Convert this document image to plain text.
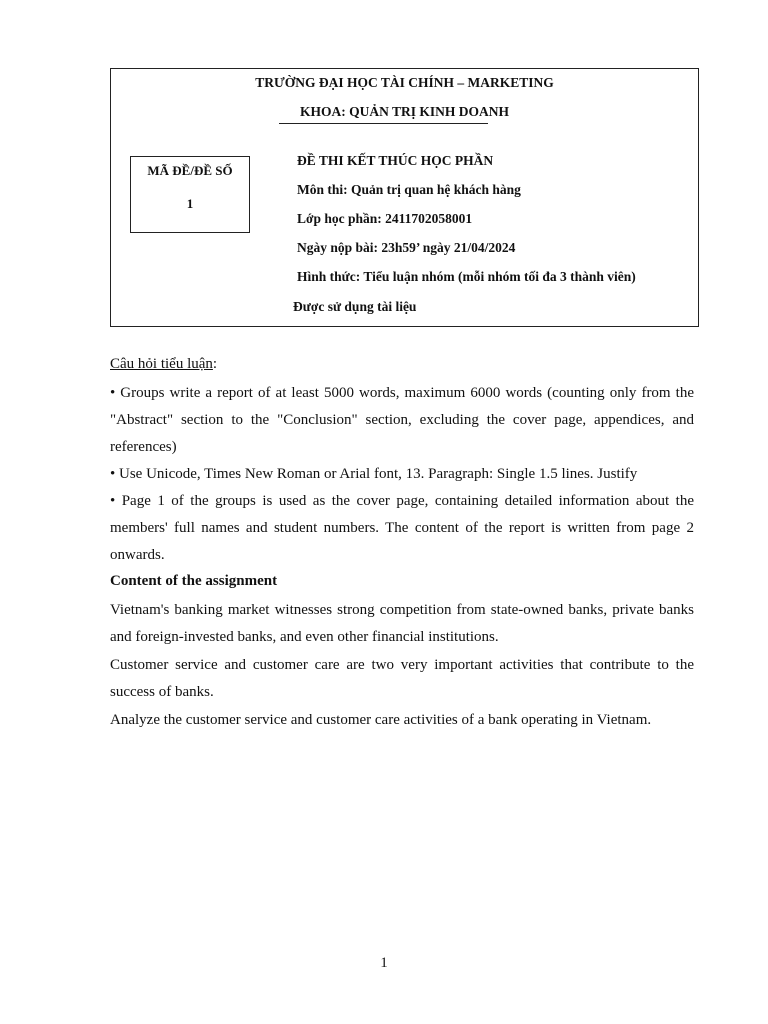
TRƯỜNG ĐẠI HỌC TÀI CHÍNH – MARKETING
KHOA: QUẢN TRỊ KINH DOANH
MÃ ĐỀ/ĐỀ SỐ
1
ĐỀ THI KẾT THÚC HỌC PHẦN
Môn thi: Quản trị quan hệ khách hàng
Lớp học phần: 2411702058001
Ngày nộp bài: 23h59’ ngày 21/04/2024
Hình thức: Tiểu luận nhóm (mỗi nhóm tối đa 3 thành viên)
Được sử dụng tài liệu
Câu hỏi tiểu luận:

• Groups write a report of at least 5000 words, maximum 6000 words (counting only from the "Abstract" section to the "Conclusion" section, excluding the cover page, appendices, and references)

• Use Unicode, Times New Roman or Arial font, 13. Paragraph: Single 1.5 lines. Justify

• Page 1 of the groups is used as the cover page, containing detailed information about the members' full names and student numbers. The content of the report is written from page 2 onwards.

Content of the assignment

Vietnam's banking market witnesses strong competition from state-owned banks, private banks and foreign-invested banks, and even other financial institutions.

Customer service and customer care are two very important activities that contribute to the success of banks.

Analyze the customer service and customer care activities of a bank operating in Vietnam.

1
